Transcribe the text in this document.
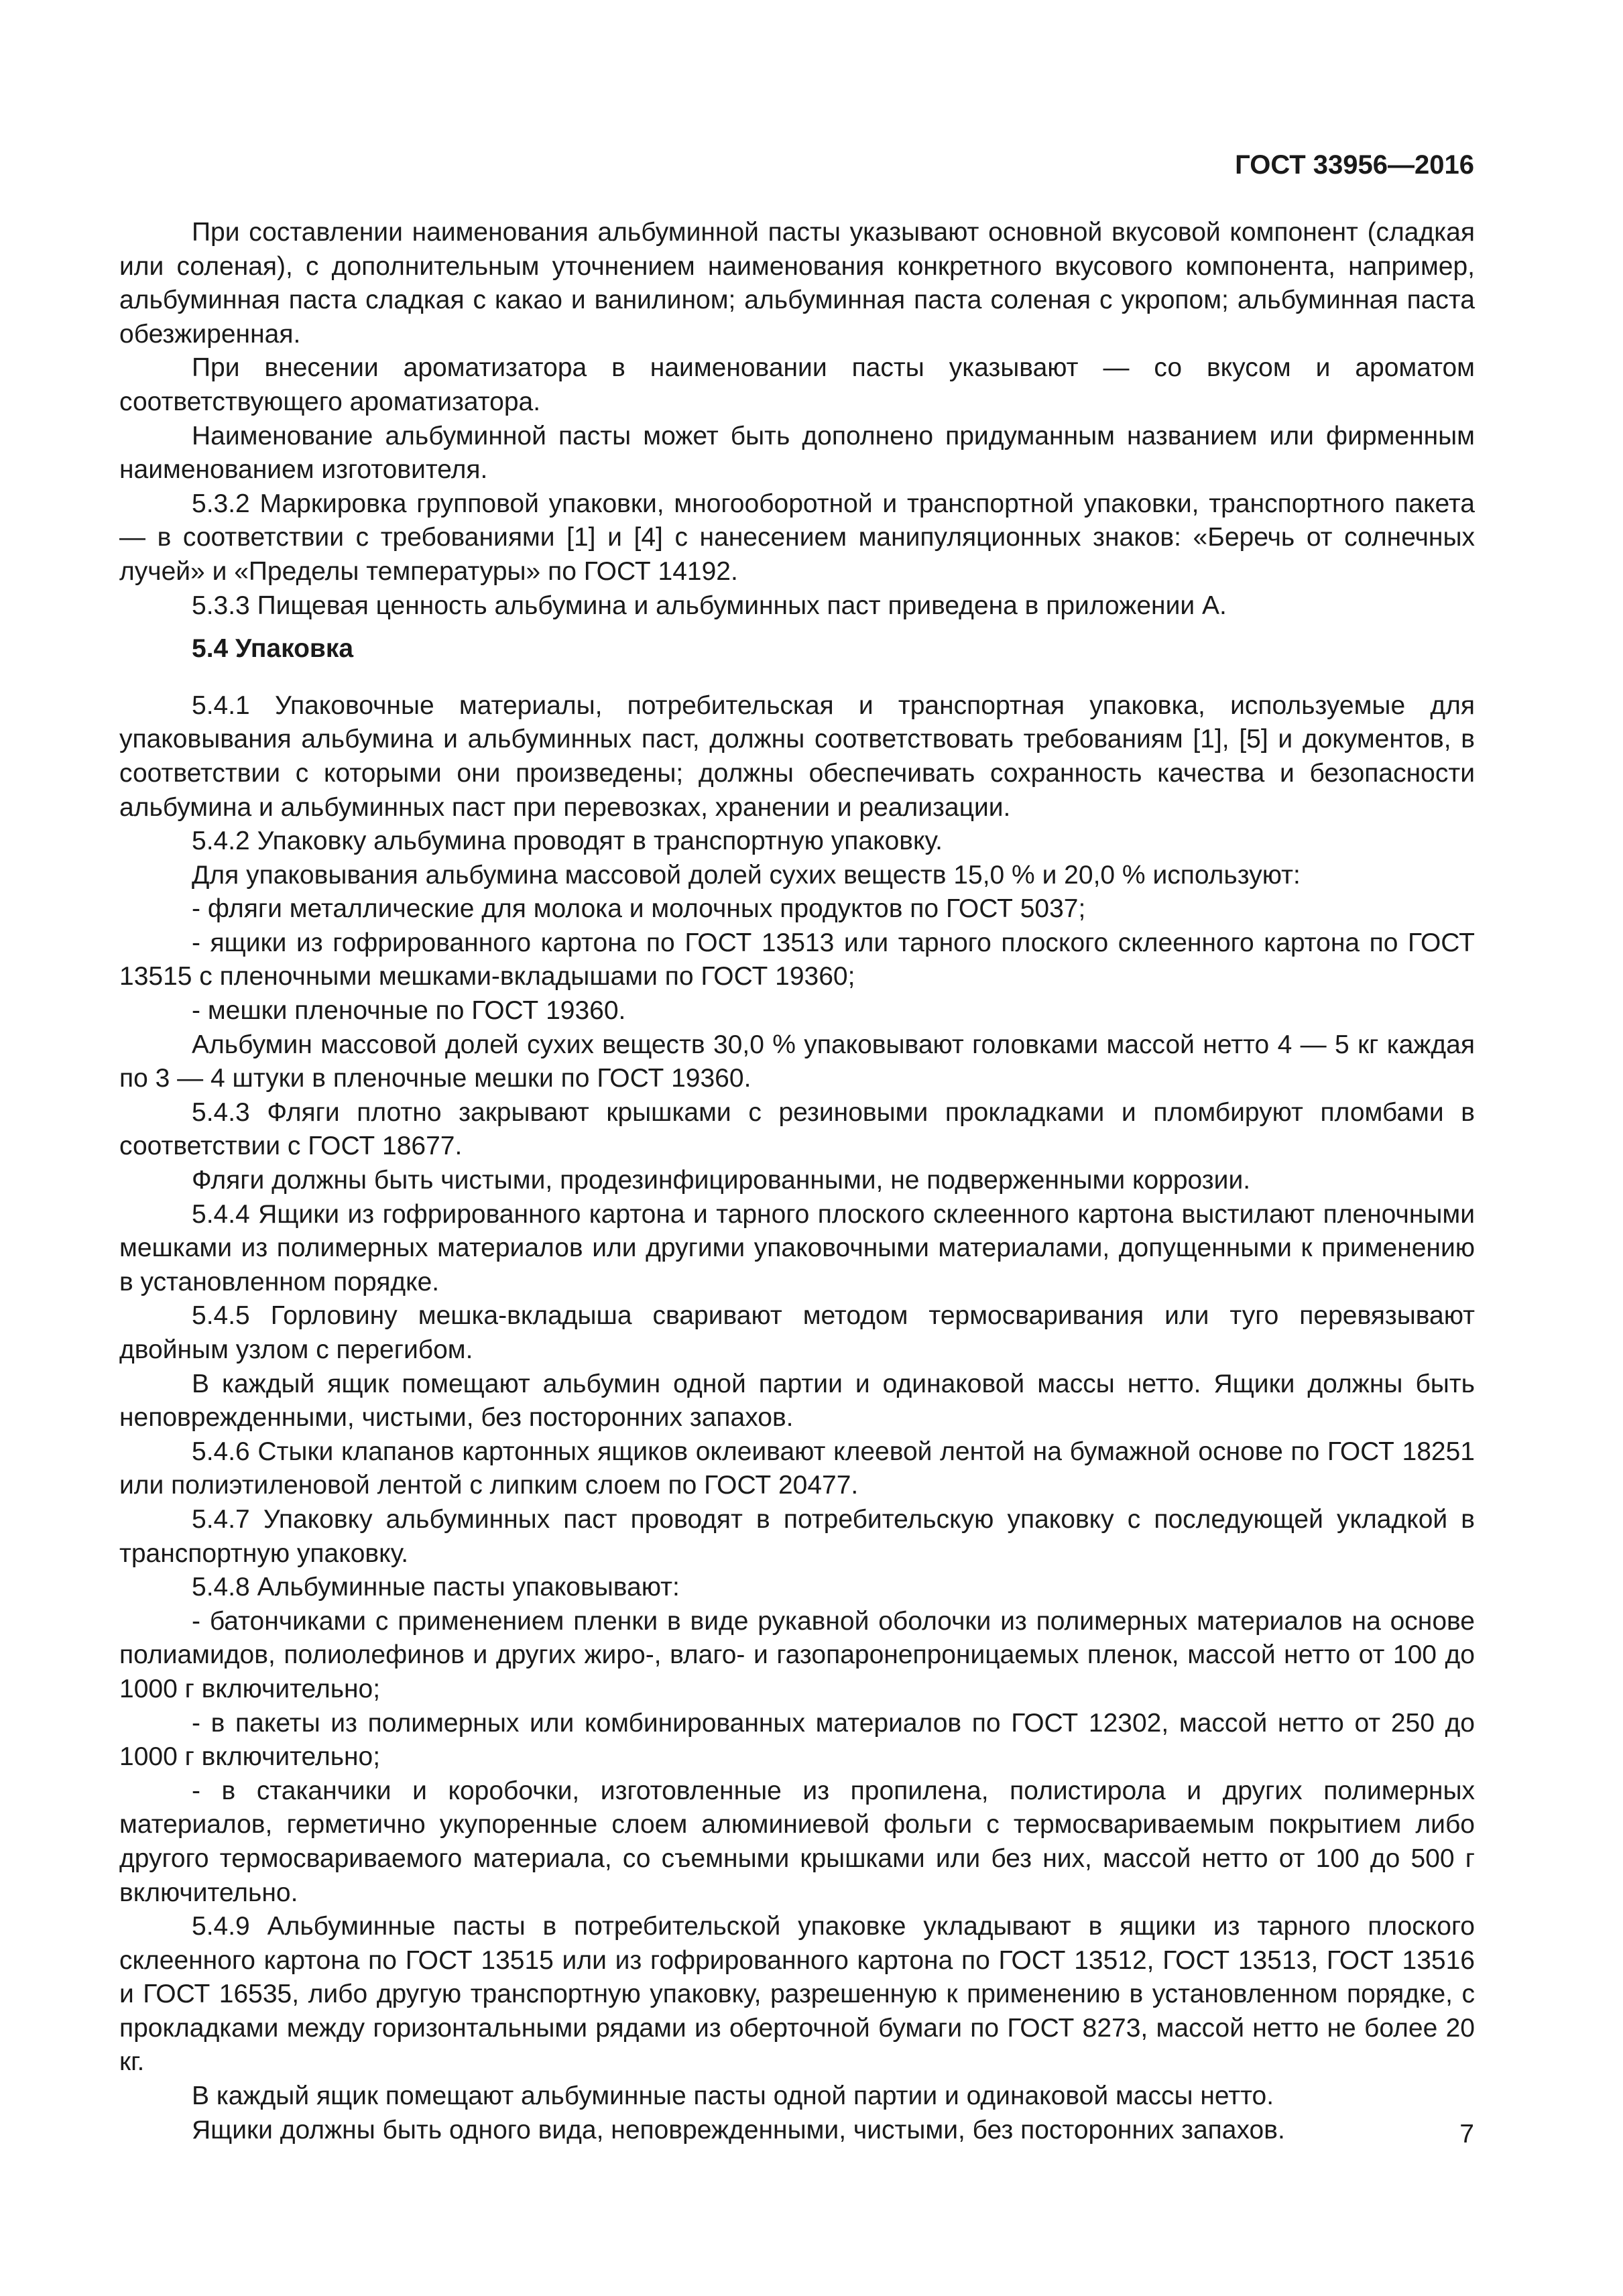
ГОСТ 33956—2016

При составлении наименования альбуминной пасты указывают основной вкусовой компонент (сладкая или соленая), с дополнительным уточнением наименования конкретного вкусового компонента, например, альбуминная паста сладкая с какао и ванилином; альбуминная паста соленая с укропом; альбуминная паста обезжиренная.

При внесении ароматизатора в наименовании пасты указывают — со вкусом и ароматом соответствующего ароматизатора.

Наименование альбуминной пасты может быть дополнено придуманным названием или фирменным наименованием изготовителя.

5.3.2 Маркировка групповой упаковки, многооборотной и транспортной упаковки, транспортного пакета — в соответствии с требованиями [1] и [4] с нанесением манипуляционных знаков: «Беречь от солнечных лучей» и «Пределы температуры» по ГОСТ 14192.

5.3.3 Пищевая ценность альбумина и альбуминных паст приведена в приложении А.

5.4 Упаковка

5.4.1 Упаковочные материалы, потребительская и транспортная упаковка, используемые для упаковывания альбумина и альбуминных паст, должны соответствовать требованиям [1], [5] и документов, в соответствии с которыми они произведены; должны обеспечивать сохранность качества и безопасности альбумина и альбуминных паст при перевозках, хранении и реализации.

5.4.2 Упаковку альбумина проводят в транспортную упаковку.

Для упаковывания альбумина массовой долей сухих веществ 15,0 % и 20,0 % используют:

- фляги металлические для молока и молочных продуктов по ГОСТ 5037;

- ящики из гофрированного картона по ГОСТ 13513 или тарного плоского склеенного картона по ГОСТ 13515 с пленочными мешками-вкладышами по ГОСТ 19360;

- мешки пленочные по ГОСТ 19360.

Альбумин массовой долей сухих веществ 30,0 % упаковывают головками массой нетто 4 — 5 кг каждая по 3 — 4 штуки в пленочные мешки по ГОСТ 19360.

5.4.3 Фляги плотно закрывают крышками с резиновыми прокладками и пломбируют пломбами в соответствии с ГОСТ 18677.

Фляги должны быть чистыми, продезинфицированными, не подверженными коррозии.

5.4.4 Ящики из гофрированного картона и тарного плоского склеенного картона выстилают пленочными мешками из полимерных материалов или другими упаковочными материалами, допущенными к применению в установленном порядке.

5.4.5 Горловину мешка-вкладыша сваривают методом термосваривания или туго перевязывают двойным узлом с перегибом.

В каждый ящик помещают альбумин одной партии и одинаковой массы нетто. Ящики должны быть неповрежденными, чистыми, без посторонних запахов.

5.4.6 Стыки клапанов картонных ящиков оклеивают клеевой лентой на бумажной основе по ГОСТ 18251 или полиэтиленовой лентой с липким слоем по ГОСТ 20477.

5.4.7 Упаковку альбуминных паст проводят в потребительскую упаковку с последующей укладкой в транспортную упаковку.

5.4.8 Альбуминные пасты упаковывают:

- батончиками с применением пленки в виде рукавной оболочки из полимерных материалов на основе полиамидов, полиолефинов и других жиро-, влаго- и газопаронепроницаемых пленок, массой нетто от 100 до 1000 г включительно;

- в пакеты из полимерных или комбинированных материалов по ГОСТ 12302, массой нетто от 250 до 1000 г включительно;

- в стаканчики и коробочки, изготовленные из пропилена, полистирола и других полимерных материалов, герметично укупоренные слоем алюминиевой фольги с термосвариваемым покрытием либо другого термосвариваемого материала, со съемными крышками или без них, массой нетто от 100 до 500 г включительно.

5.4.9 Альбуминные пасты в потребительской упаковке укладывают в ящики из тарного плоского склеенного картона по ГОСТ 13515 или из гофрированного картона по ГОСТ 13512, ГОСТ 13513, ГОСТ 13516 и ГОСТ 16535, либо другую транспортную упаковку, разрешенную к применению в установленном порядке, с прокладками между горизонтальными рядами из оберточной бумаги по ГОСТ 8273, массой нетто не более 20 кг.

В каждый ящик помещают альбуминные пасты одной партии и одинаковой массы нетто.

Ящики должны быть одного вида, неповрежденными, чистыми, без посторонних запахов.	7
